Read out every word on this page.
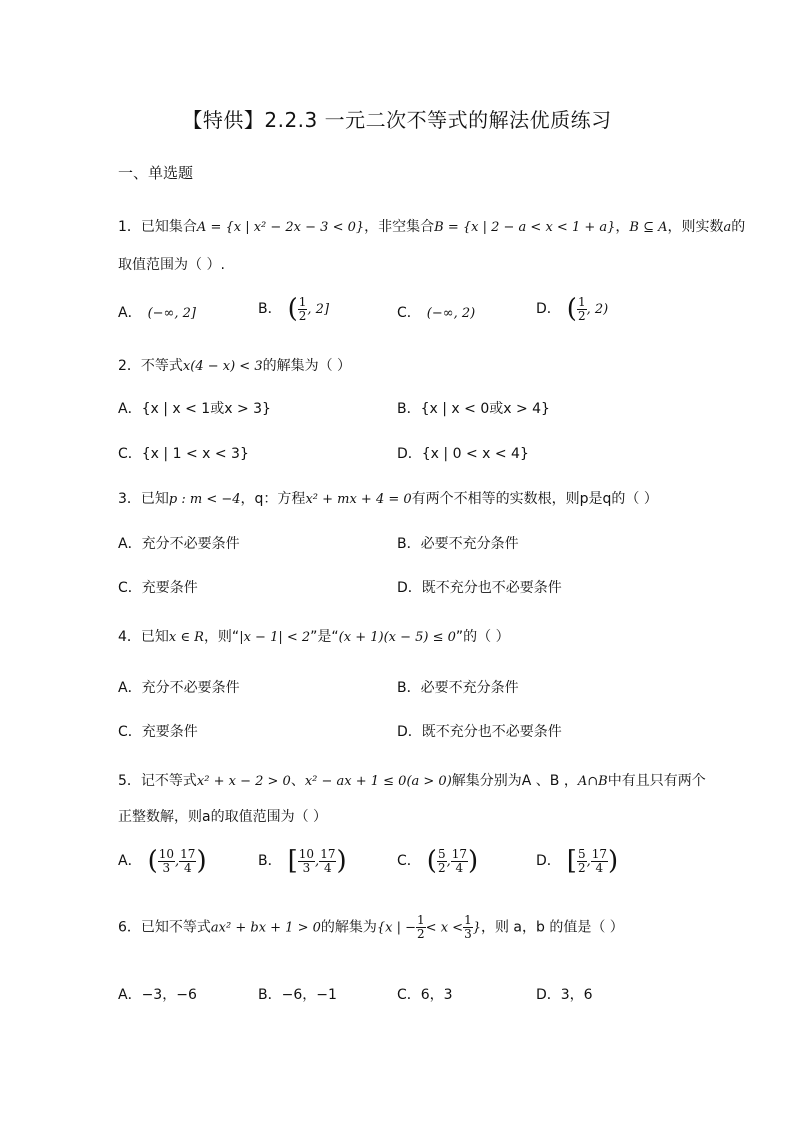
【特供】2.2.3 一元二次不等式的解法优质练习
一、单选题
1．已知集合A = {x | x² − 2x − 3 < 0}，非空集合B = {x | 2 − a < x < 1 + a}，B ⊆ A，则实数a的
取值范围为（ ）.
A． (−∞, 2]	B． ( $\frac{1}{2}$ , 2]	C． (−∞, 2)	D． ( $\frac{1}{2}$ , 2)
2．不等式x(4 − x) < 3的解集为（ ）
A．{x | x < 1或x > 3}	B．{x | x < 0或x > 4}
C．{x | 1 < x < 3}	D．{x | 0 < x < 4}
3．已知p : m < −4，q：方程x² + mx + 4 = 0有两个不相等的实数根，则p是q的（ ）
A．充分不必要条件	B．必要不充分条件
C．充要条件	D．既不充分也不必要条件
4．已知x ∈ R，则“|x − 1| < 2”是“(x + 1)(x − 5) ≤ 0”的（ ）
A．充分不必要条件	B．必要不充分条件
C．充要条件	D．既不充分也不必要条件
5．记不等式x² + x − 2 > 0、x² − ax + 1 ≤ 0(a > 0)解集分别为A 、B ，A∩B中有且只有两个
正整数解，则a的取值范围为（ ）
A． ( $\frac{10}{3}$ , $\frac{17}{4}$ )	B． [ $\frac{10}{3}$ , $\frac{17}{4}$ )	C． ( $\frac{5}{2}$ , $\frac{17}{4}$ )	D． [ $\frac{5}{2}$ , $\frac{17}{4}$ )
6．已知不等式ax² + bx + 1 > 0的解集为{x | − $\frac{1}{2} < x < \frac{1}{3}$ }，则 a，b 的值是（ ）
A．−3，−6	B．−6，−1	C．6，3	D．3，6
